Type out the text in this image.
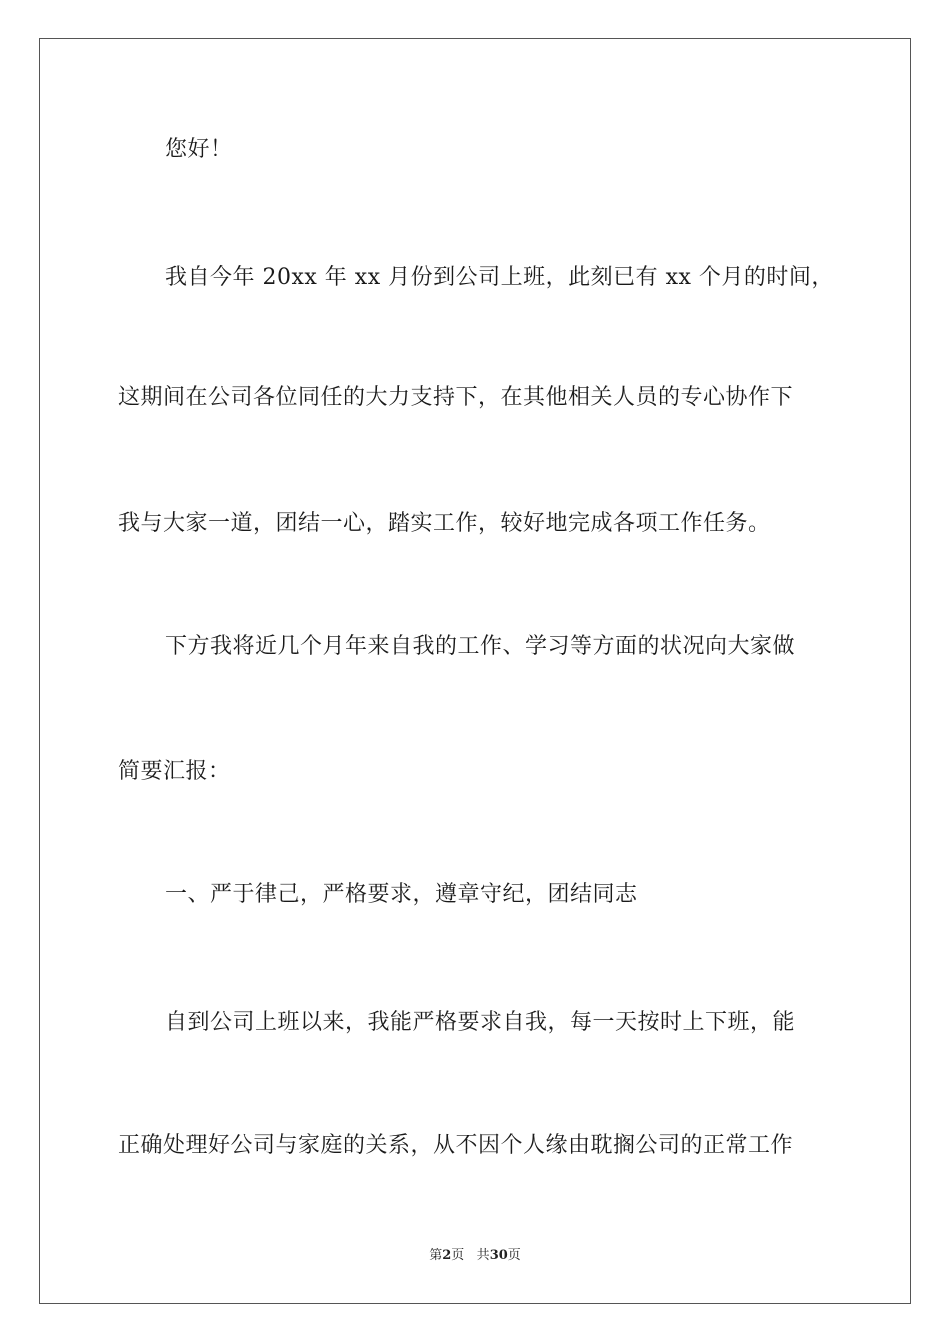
您好！
我自今年 20xx 年 xx 月份到公司上班，此刻已有 xx 个月的时间，
这期间在公司各位同任的大力支持下，在其他相关人员的专心协作下
我与大家一道，团结一心，踏实工作，较好地完成各项工作任务。
下方我将近几个月年来自我的工作、学习等方面的状况向大家做
简要汇报：
一、严于律己，严格要求，遵章守纪，团结同志
自到公司上班以来，我能严格要求自我，每一天按时上下班，能
正确处理好公司与家庭的关系，从不因个人缘由耽搁公司的正常工作
第2页 共30页
